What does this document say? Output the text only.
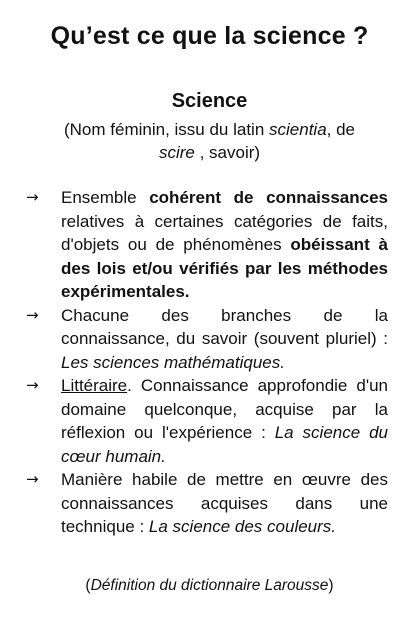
Qu’est ce que la science ?
Science
(Nom féminin, issu du latin scientia, de
scire , savoir)
→ Ensemble cohérent de connaissances relatives à certaines catégories de faits, d'objets ou de phénomènes obéissant à des lois et/ou vérifiés par les méthodes expérimentales.
→ Chacune des branches de la connaissance, du savoir (souvent pluriel) : Les sciences mathématiques.
→ Littéraire. Connaissance approfondie d'un domaine quelconque, acquise par la réflexion ou l'expérience : La science du cœur humain.
→ Manière habile de mettre en œuvre des connaissances acquises dans une technique : La science des couleurs.
(Définition du dictionnaire Larousse)
